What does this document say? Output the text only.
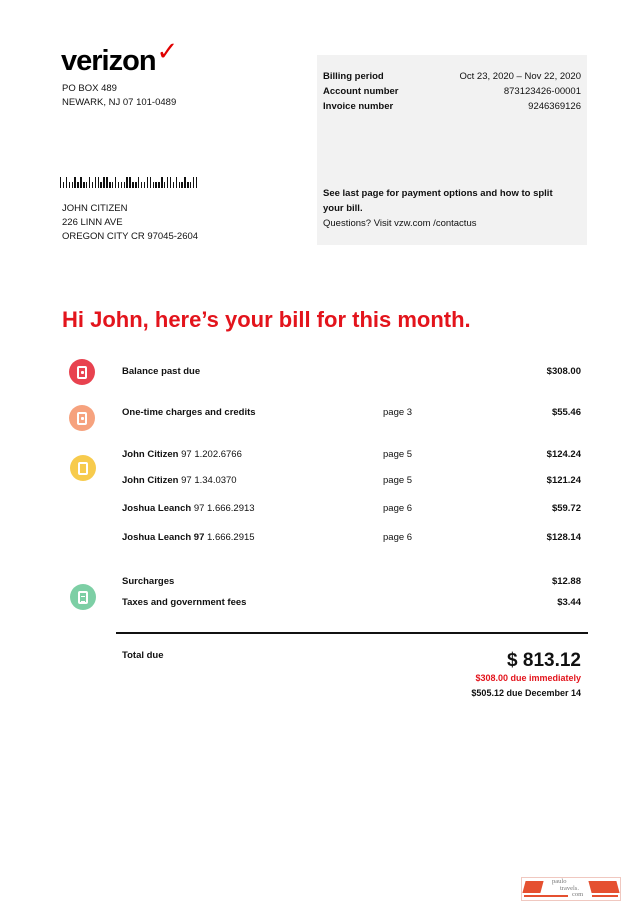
verizon✓
PO BOX 489
NEWARK, NJ 07 101-0489
JOHN CITIZEN
226 LINN AVE
OREGON CITY CR 97045-2604
Billing period	Oct 23, 2020 – Nov 22, 2020
Account number	873123426-00001
Invoice number	9246369126
See last page for payment options and how to split your bill.
Questions? Visit vzw.com /contactus
Hi John, here’s your bill for this month.
Balance past due	$308.00
One-time charges and credits	page 3	$55.46
John Citizen 97 1.202.6766	page 5	$124.24
John Citizen 97 1.34.0370	page 5	$121.24
Joshua Leanch 97 1.666.2913	page 6	$59.72
Joshua Leanch 97 1.666.2915	page 6	$128.14
Surcharges	$12.88
Taxes and government fees	$3.44
Total due	$ 813.12
$308.00 due immediately
$505.12 due December 14
paulo
travels.
com
